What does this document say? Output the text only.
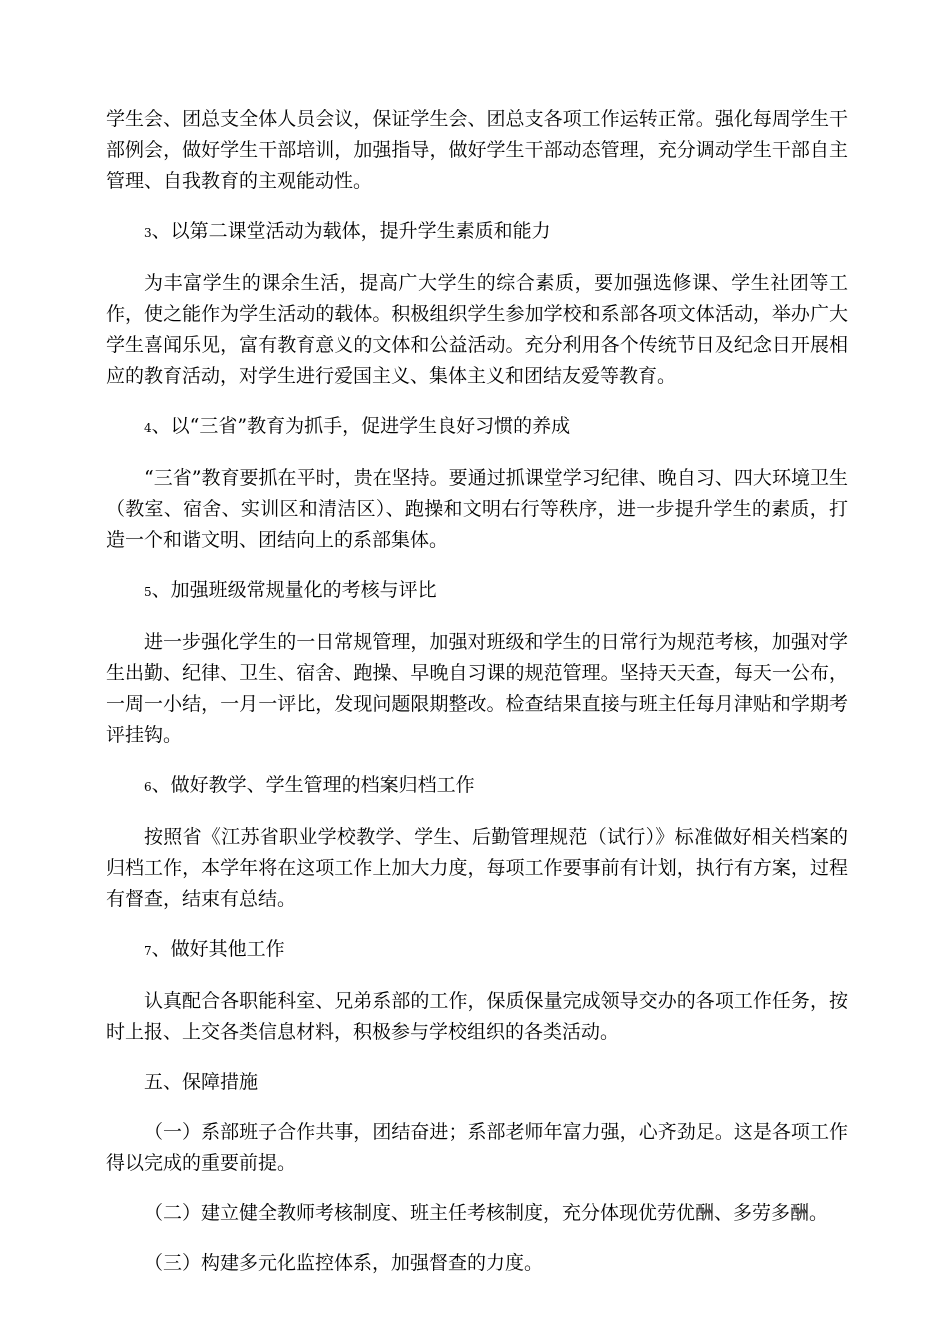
学生会、团总支全体人员会议，保证学生会、团总支各项工作运转正常。强化每周学生干部例会，做好学生干部培训，加强指导，做好学生干部动态管理，充分调动学生干部自主管理、自我教育的主观能动性。

3、以第二课堂活动为载体，提升学生素质和能力

为丰富学生的课余生活，提高广大学生的综合素质，要加强选修课、学生社团等工作，使之能作为学生活动的载体。积极组织学生参加学校和系部各项文体活动，举办广大学生喜闻乐见，富有教育意义的文体和公益活动。充分利用各个传统节日及纪念日开展相应的教育活动，对学生进行爱国主义、集体主义和团结友爱等教育。

4、以“三省”教育为抓手，促进学生良好习惯的养成

“三省”教育要抓在平时，贵在坚持。要通过抓课堂学习纪律、晚自习、四大环境卫生（教室、宿舍、实训区和清洁区）、跑操和文明右行等秩序，进一步提升学生的素质，打造一个和谐文明、团结向上的系部集体。

5、加强班级常规量化的考核与评比

进一步强化学生的一日常规管理，加强对班级和学生的日常行为规范考核，加强对学生出勤、纪律、卫生、宿舍、跑操、早晚自习课的规范管理。坚持天天查，每天一公布，一周一小结，一月一评比，发现问题限期整改。检查结果直接与班主任每月津贴和学期考评挂钩。

6、做好教学、学生管理的档案归档工作

按照省《江苏省职业学校教学、学生、后勤管理规范（试行）》标准做好相关档案的归档工作，本学年将在这项工作上加大力度，每项工作要事前有计划，执行有方案，过程有督查，结束有总结。

7、做好其他工作

认真配合各职能科室、兄弟系部的工作，保质保量完成领导交办的各项工作任务，按时上报、上交各类信息材料，积极参与学校组织的各类活动。

五、保障措施

（一）系部班子合作共事，团结奋进；系部老师年富力强，心齐劲足。这是各项工作得以完成的重要前提。

（二）建立健全教师考核制度、班主任考核制度，充分体现优劳优酬、多劳多酬。

（三）构建多元化监控体系，加强督查的力度。
